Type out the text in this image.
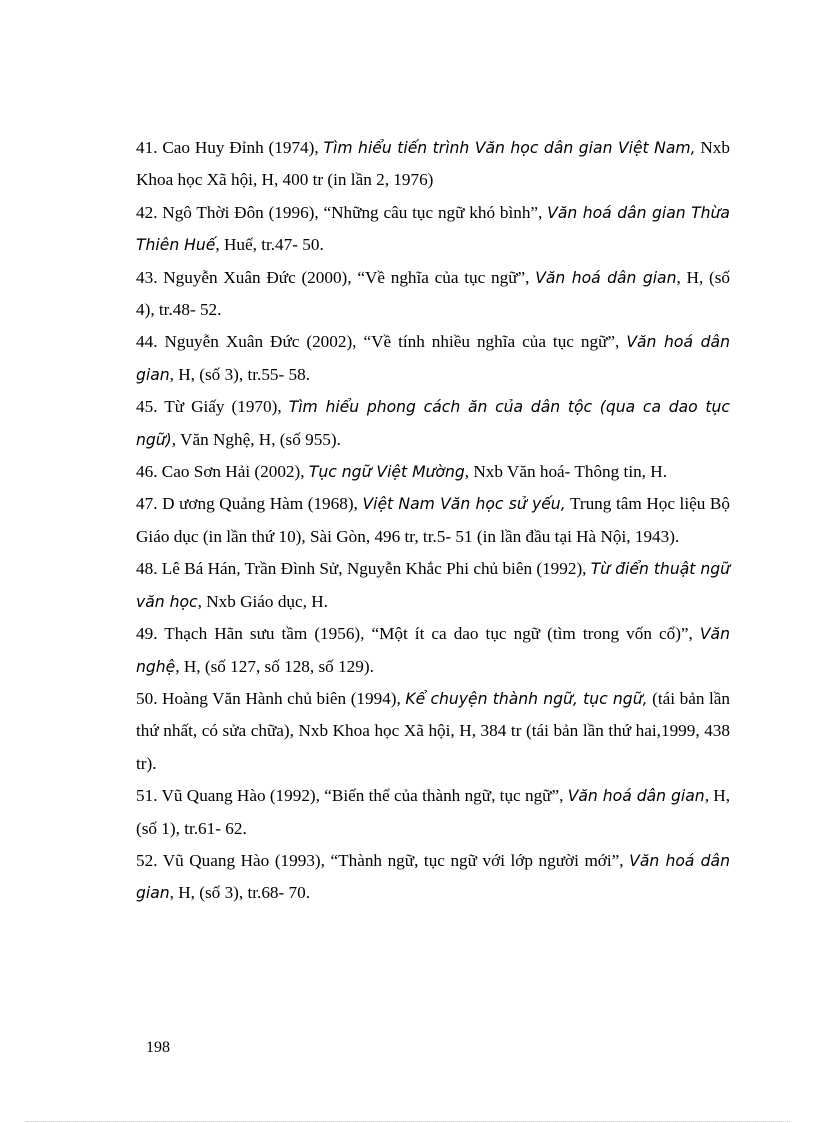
41. Cao Huy Đỉnh (1974), Tìm hiểu tiến trình Văn học dân gian Việt Nam, Nxb Khoa học Xã hội, H, 400 tr (in lần 2, 1976)

42. Ngô Thời Đôn (1996), “Những câu tục ngữ khó bình”, Văn hoá dân gian Thừa Thiên Huế, Huế, tr.47- 50.

43. Nguyễn Xuân Đức (2000), “Về nghĩa của tục ngữ”, Văn hoá dân gian, H, (số 4), tr.48- 52.

44. Nguyễn Xuân Đức (2002), “Về tính nhiều nghĩa của tục ngữ”, Văn hoá dân gian, H, (số 3), tr.55- 58.

45. Từ Giấy (1970), Tìm hiểu phong cách ăn của dân tộc (qua ca dao tục ngữ), Văn Nghệ, H, (số 955).

46. Cao Sơn Hải (2002), Tục ngữ Việt Mường, Nxb Văn hoá- Thông tin, H.

47. D ương Quảng Hàm (1968), Việt Nam Văn học sử yếu, Trung tâm Học liệu Bộ Giáo dục (in lần thứ 10), Sài Gòn, 496 tr, tr.5- 51 (in lần đầu tại Hà Nội, 1943).

48. Lê Bá Hán, Trần Đình Sử, Nguyễn Khắc Phi chủ biên (1992), Từ điển thuật ngữ văn học, Nxb Giáo dục, H.

49. Thạch Hãn sưu tầm (1956), “Một ít ca dao tục ngữ (tìm trong vốn cổ)”, Văn nghệ, H, (số 127, số 128, số 129).

50. Hoàng Văn Hành chủ biên (1994), Kể chuyện thành ngữ, tục ngữ, (tái bản lần thứ nhất, có sửa chữa), Nxb Khoa học Xã hội, H, 384 tr (tái bản lần thứ hai,1999, 438 tr).

51. Vũ Quang Hào (1992), “Biến thể của thành ngữ, tục ngữ”, Văn hoá dân gian, H, (số 1), tr.61- 62.

52. Vũ Quang Hào (1993), “Thành ngữ, tục ngữ với lớp người mới”, Văn hoá dân gian, H, (số 3), tr.68- 70.

198
